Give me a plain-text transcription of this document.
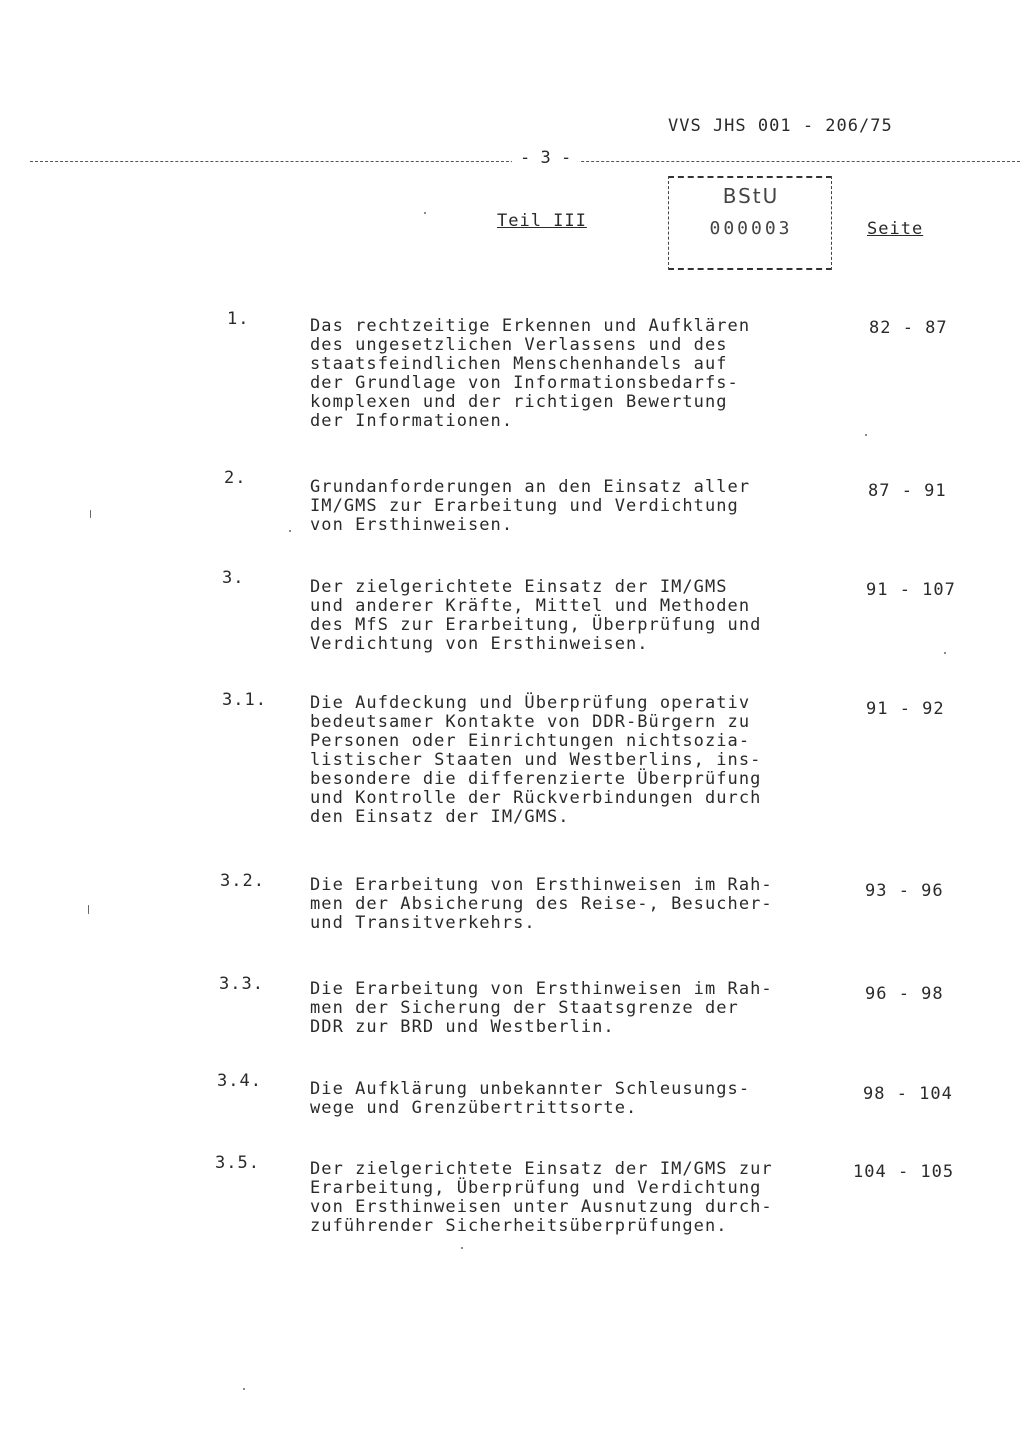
VVS JHS 001 - 206/75
- 3 -
Teil III
BStU
000003	Seite
1.	Das rechtzeitige Erkennen und Aufklären
des ungesetzlichen Verlassens und des
staatsfeindlichen Menschenhandels auf
der Grundlage von Informationsbedarfs-
komplexen und der richtigen Bewertung
der Informationen.
82 - 87
2.	Grundanforderungen an den Einsatz aller
IM/GMS zur Erarbeitung und Verdichtung
von Ersthinweisen.
87 - 91
3.	Der zielgerichtete Einsatz der IM/GMS
und anderer Kräfte, Mittel und Methoden
des MfS zur Erarbeitung, Überprüfung und
Verdichtung von Ersthinweisen.
91 - 107
3.1.	Die Aufdeckung und Überprüfung operativ
bedeutsamer Kontakte von DDR-Bürgern zu
Personen oder Einrichtungen nichtsozia-
listischer Staaten und Westberlins, ins-
besondere die differenzierte Überprüfung
und Kontrolle der Rückverbindungen durch
den Einsatz der IM/GMS.
91 - 92
3.2.	Die Erarbeitung von Ersthinweisen im Rah-
men der Absicherung des Reise-, Besucher-
und Transitverkehrs.
93 - 96
3.3.	Die Erarbeitung von Ersthinweisen im Rah-
men der Sicherung der Staatsgrenze der
DDR zur BRD und Westberlin.
96 - 98
3.4.	Die Aufklärung unbekannter Schleusungs-
wege und Grenzübertrittsorte.
98 - 104
3.5.	Der zielgerichtete Einsatz der IM/GMS zur
Erarbeitung, Überprüfung und Verdichtung
von Ersthinweisen unter Ausnutzung durch-
zuführender Sicherheitsüberprüfungen.
104 - 105
